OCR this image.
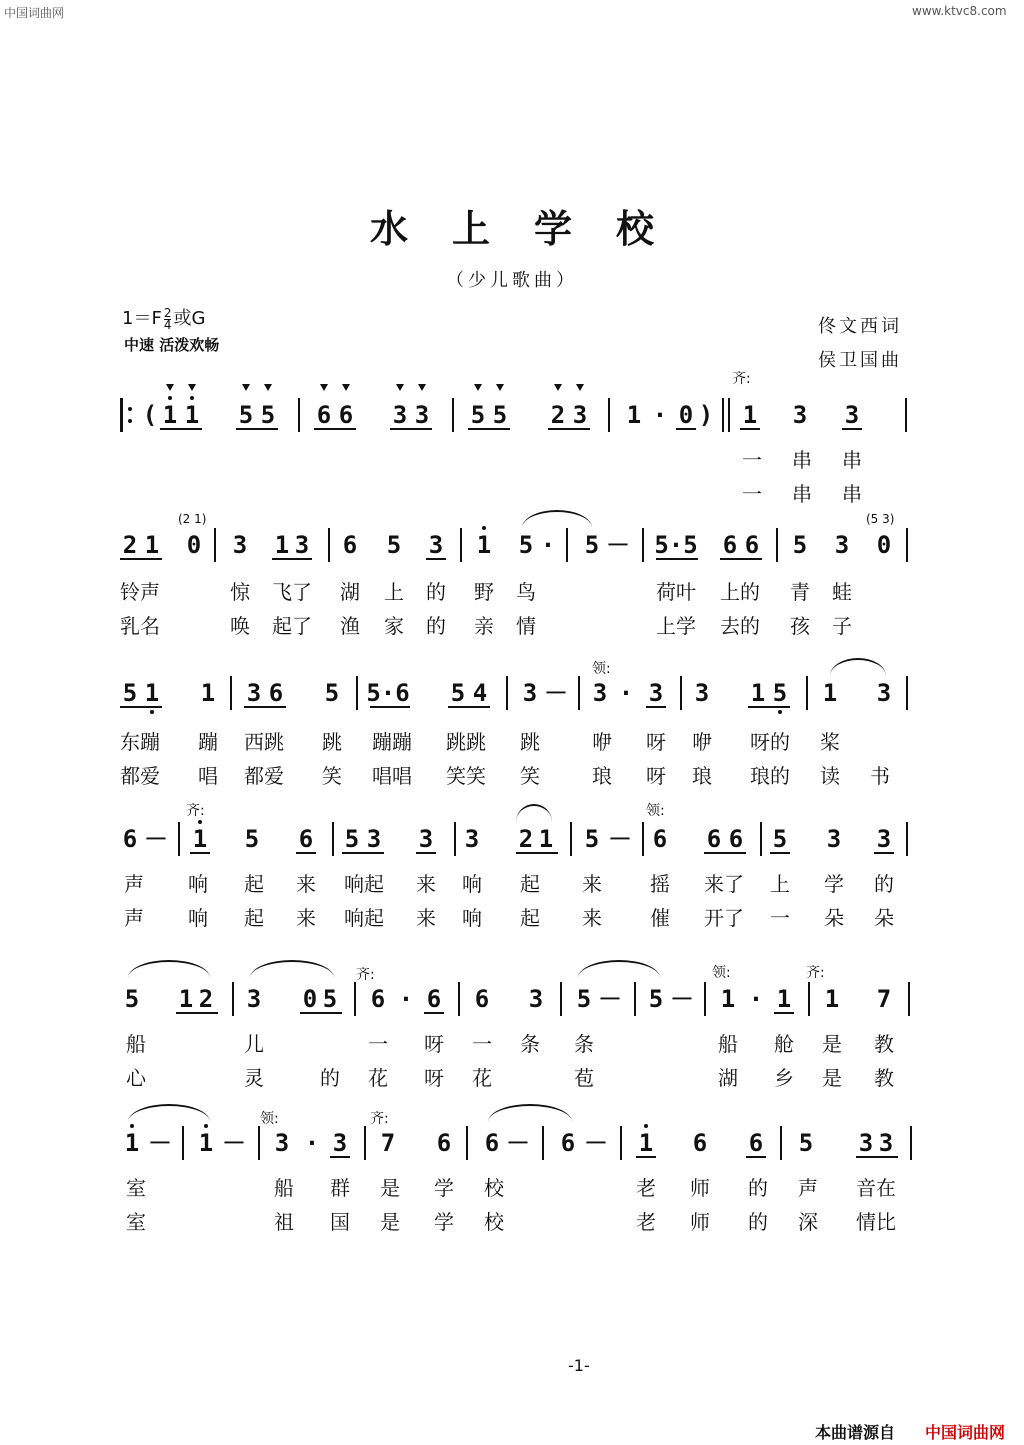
中国词曲网	www.ktvc8.com
水上学校
（少儿歌曲）
$1=F \frac{2}{4}$ 或G
中速 活泼欢畅
佟文西词
侯卫国曲
( 1 1 5 5 6 6 3 3 5 5 2 3 1 · 0 ) 1 3 3
齐:
一 串 串
一 串 串
2 1
(2 1)
0 3 1 3 6 5 3 1 5 · 5 － 5·5 6 6 5 3
(5 3)
0
铃声	惊 飞了 湖 上 的 野 鸟	荷叶 上的 青 蛙
乳名	唤 起了 渔 家 的 亲 情	上学 去的 孩 子
5 1 1 3 6 5 5·6 5 4 3 － 3 · 3 3 1 5 1 3
领:
东蹦 蹦 西跳 跳 蹦蹦 跳跳 跳	咿 呀 咿 呀的 桨
都爱 唱 都爱 笑 唱唱 笑笑 笑	琅 呀 琅 琅的 读 书
6 － 1 5 6 5 3 3 3 2 1 5 － 6 6 6 5 3 3
齐:	领:
声 响 起 来 响起 来 响 起 来 摇 来了 上 学 的
声 响 起 来 响起 来 响 起 来 催 开了 一 朵 朵
5 1 2 3 0 5 6 · 6 6 3 5 － 5 － 1 · 1 1 7
齐:	领:	齐:
船	儿	一 呀 一 条 条	船 舱 是 教
心	灵	的 花 呀 花	苞	湖 乡 是 教
1 － 1 － 3 · 3 7 6 6 － 6 － 1 6 6 5 3 3
领:	齐:
室	船 群 是 学 校	老 师 的 声 音在
室	祖 国 是 学 校	老 师 的 深 情比
-1-
本曲谱源自 中国词曲网
